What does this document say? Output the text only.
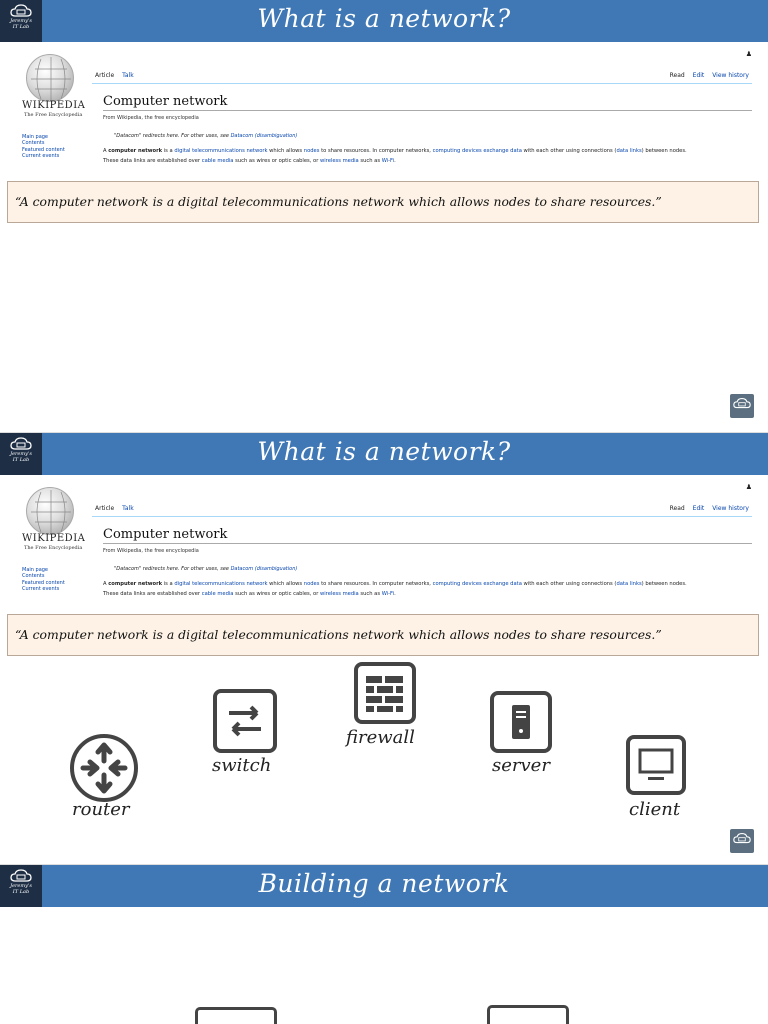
Jeremy's
IT Lab	What is a network?
WIKIPEDIA
The Free Encyclopedia
Main page
Contents
Featured content
Current events
♟
Article Talk	Read Edit View history
Computer network
From Wikipedia, the free encyclopedia
"Datacom" redirects here. For other uses, see Datacom (disambiguation)
A computer network is a digital telecommunications network which allows nodes to share resources. In computer networks, computing devices exchange data with each other using connections (data links) between nodes.
These data links are established over cable media such as wires or optic cables, or wireless media such as Wi-Fi.
“A computer network is a digital telecommunications network which allows nodes to share resources.”
Jeremy's
IT Lab	What is a network?
WIKIPEDIA
The Free Encyclopedia
Main page
Contents
Featured content
Current events
♟
Article Talk	Read Edit View history
Computer network
From Wikipedia, the free encyclopedia
"Datacom" redirects here. For other uses, see Datacom (disambiguation)
A computer network is a digital telecommunications network which allows nodes to share resources. In computer networks, computing devices exchange data with each other using connections (data links) between nodes.
These data links are established over cable media such as wires or optic cables, or wireless media such as Wi-Fi.
“A computer network is a digital telecommunications network which allows nodes to share resources.”
router
switch
firewall
server
client
Jeremy's
IT Lab	Building a network
